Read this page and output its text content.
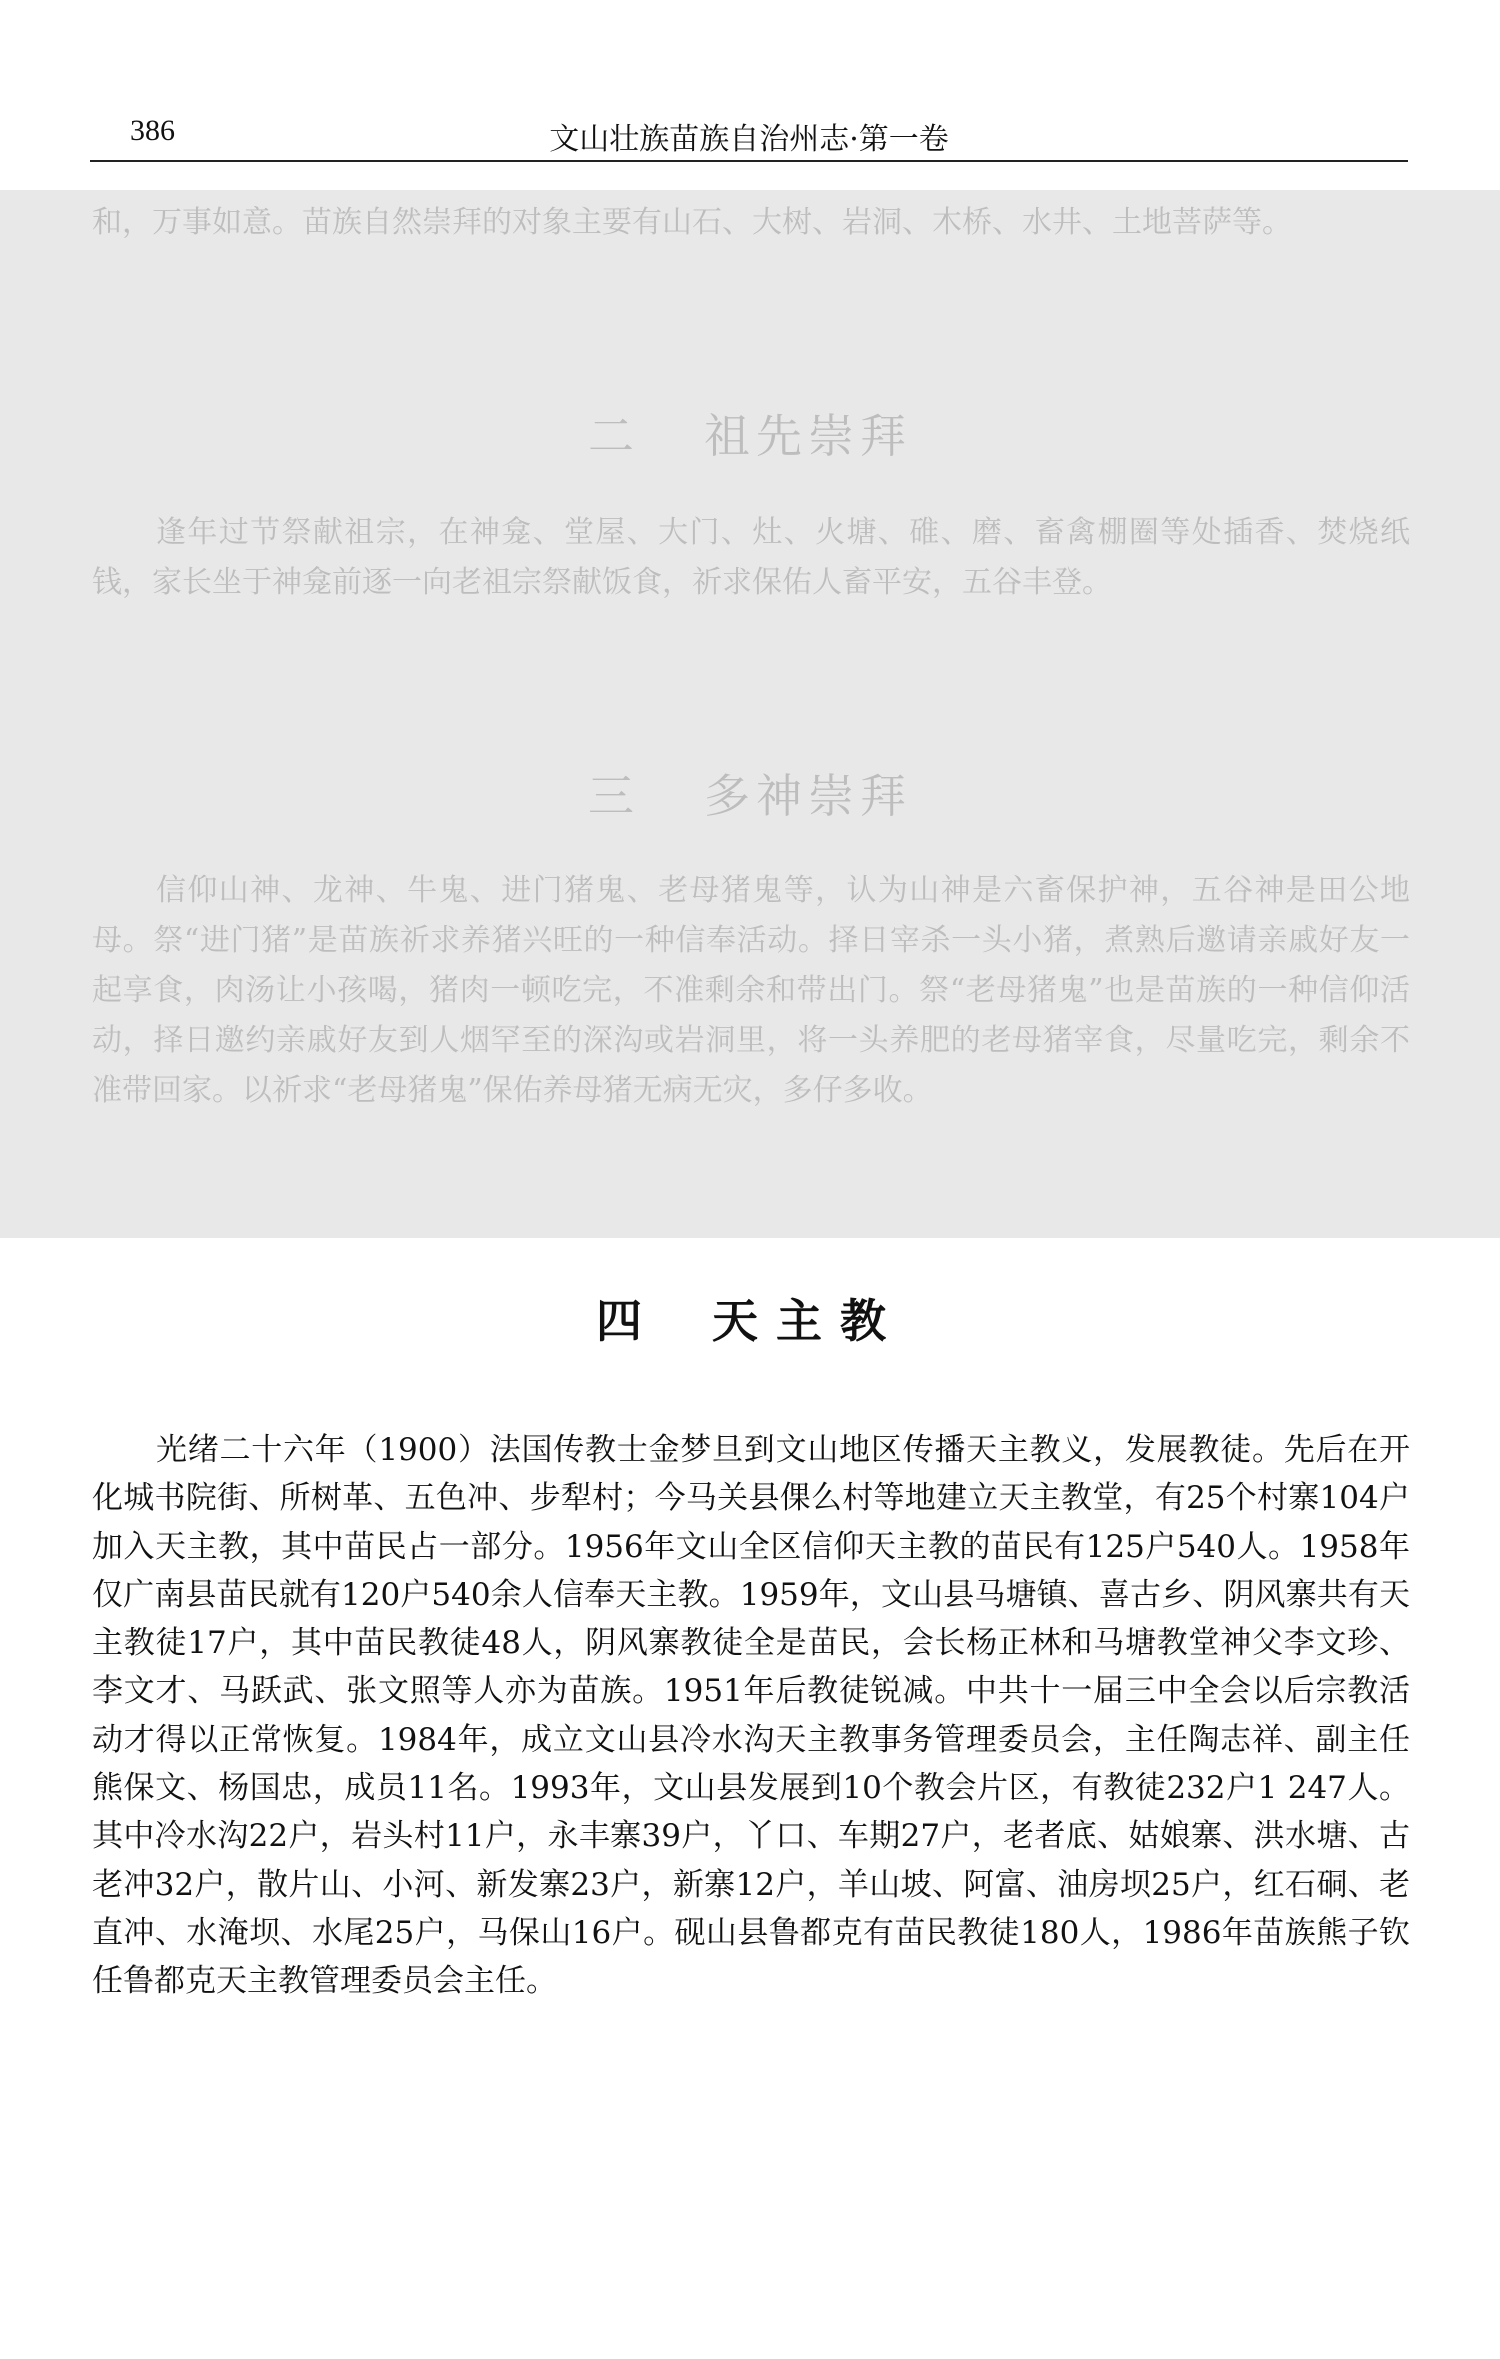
386	文山壮族苗族自治州志·第一卷

和，万事如意。苗族自然崇拜的对象主要有山石、大树、岩洞、木桥、水井、土地菩萨等。

二 祖先崇拜

逢年过节祭献祖宗，在神龛、堂屋、大门、灶、火塘、碓、磨、畜禽棚圈等处插香、焚烧纸钱，家长坐于神龛前逐一向老祖宗祭献饭食，祈求保佑人畜平安，五谷丰登。

三 多神崇拜

信仰山神、龙神、牛鬼、进门猪鬼、老母猪鬼等，认为山神是六畜保护神，五谷神是田公地母。祭“进门猪”是苗族祈求养猪兴旺的一种信奉活动。择日宰杀一头小猪，煮熟后邀请亲戚好友一起享食，肉汤让小孩喝，猪肉一顿吃完，不准剩余和带出门。祭“老母猪鬼”也是苗族的一种信仰活动，择日邀约亲戚好友到人烟罕至的深沟或岩洞里，将一头养肥的老母猪宰食，尽量吃完，剩余不准带回家。以祈求“老母猪鬼”保佑养母猪无病无灾，多仔多收。

四 天主教

光绪二十六年（1900）法国传教士金梦旦到文山地区传播天主教义，发展教徒。先后在开化城书院街、所树革、五色冲、步犁村；今马关县倮么村等地建立天主教堂，有25个村寨104户加入天主教，其中苗民占一部分。1956年文山全区信仰天主教的苗民有125户540人。1958年仅广南县苗民就有120户540余人信奉天主教。1959年，文山县马塘镇、喜古乡、阴风寨共有天主教徒17户，其中苗民教徒48人，阴风寨教徒全是苗民，会长杨正林和马塘教堂神父李文珍、李文才、马跃武、张文照等人亦为苗族。1951年后教徒锐减。中共十一届三中全会以后宗教活动才得以正常恢复。1984年，成立文山县冷水沟天主教事务管理委员会，主任陶志祥、副主任熊保文、杨国忠，成员11名。1993年，文山县发展到10个教会片区，有教徒232户1 247人。其中冷水沟22户，岩头村11户，永丰寨39户，丫口、车期27户，老者底、姑娘寨、洪水塘、古老冲32户，散片山、小河、新发寨23户，新寨12户，羊山坡、阿富、油房坝25户，红石硐、老直冲、水淹坝、水尾25户，马保山16户。砚山县鲁都克有苗民教徒180人，1986年苗族熊子钦任鲁都克天主教管理委员会主任。
